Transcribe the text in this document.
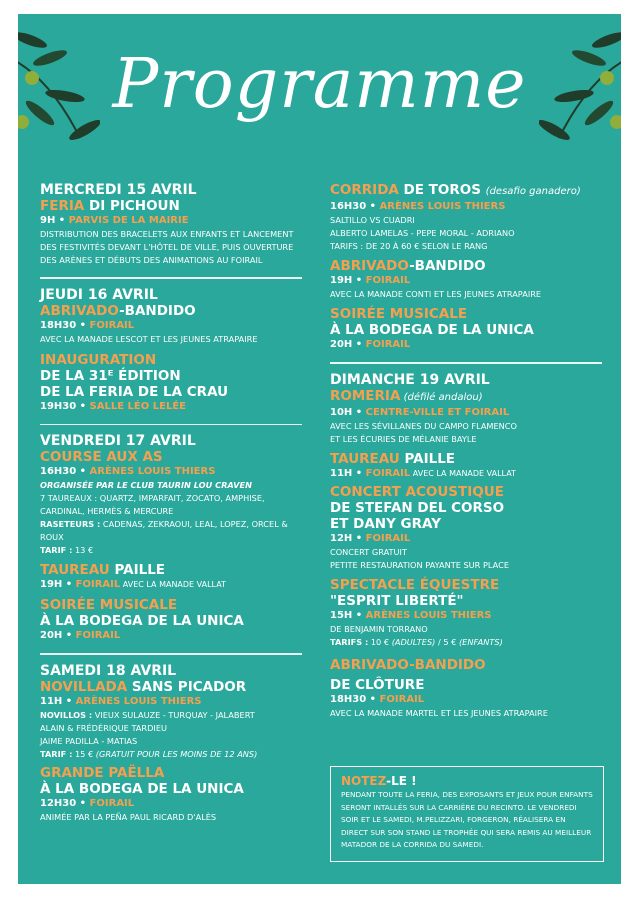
Programme
MERCREDI 15 AVRIL
FERIA DI PICHOUN
9H • PARVIS DE LA MAIRIE
DISTRIBUTION DES BRACELETS AUX ENFANTS ET LANCEMENT DES FESTIVITÉS DEVANT L'HÔTEL DE VILLE, PUIS OUVERTURE DES ARÈNES ET DÉBUTS DES ANIMATIONS AU FOIRAIL
JEUDI 16 AVRIL
ABRIVADO-BANDIDO
18H30 • FOIRAIL
AVEC LA MANADE LESCOT ET LES JEUNES ATRAPAIRE
INAUGURATION
DE LA 31ᴱ ÉDITION
DE LA FERIA DE LA CRAU
19H30 • SALLE LÉO LELÉE
VENDREDI 17 AVRIL
COURSE AUX AS
16H30 • ARÈNES LOUIS THIERS
ORGANISÉE PAR LE CLUB TAURIN LOU CRAVEN
7 TAUREAUX : QUARTZ, IMPARFAIT, ZOCATO, AMPHISE, CARDINAL, HERMÈS & MERCURE
RASETEURS : CADENAS, ZEKRAOUI, LEAL, LOPEZ, ORCEL & ROUX
TARIF : 13 €
TAUREAU PAILLE
19H • FOIRAIL AVEC LA MANADE VALLAT
SOIRÉE MUSICALE
À LA BODEGA DE LA UNICA
20H • FOIRAIL
SAMEDI 18 AVRIL
NOVILLADA SANS PICADOR
11H • ARÈNES LOUIS THIERS
NOVILLOS : VIEUX SULAUZE - TURQUAY - JALABERT
ALAIN & FRÉDÉRIQUE TARDIEU
JAIME PADILLA - MATIAS
TARIF : 15 € (GRATUIT POUR LES MOINS DE 12 ANS)
GRANDE PAËLLA
À LA BODEGA DE LA UNICA
12H30 • FOIRAIL
ANIMÉE PAR LA PEÑA PAUL RICARD D'ALÈS
CORRIDA DE TOROS (desafio ganadero)
16H30 • ARÈNES LOUIS THIERS
SALTILLO VS CUADRI
ALBERTO LAMELAS - PEPE MORAL - ADRIANO
TARIFS : DE 20 À 60 € SELON LE RANG
ABRIVADO-BANDIDO
19H • FOIRAIL
AVEC LA MANADE CONTI ET LES JEUNES ATRAPAIRE
SOIRÉE MUSICALE
À LA BODEGA DE LA UNICA
20H • FOIRAIL
DIMANCHE 19 AVRIL
ROMERIA (défilé andalou)
10H • CENTRE-VILLE ET FOIRAIL
AVEC LES SÉVILLANES DU CAMPO FLAMENCO
ET LES ÉCURIES DE MÉLANIE BAYLE
TAUREAU PAILLE
11H • FOIRAIL AVEC LA MANADE VALLAT
CONCERT ACOUSTIQUE
DE STEFAN DEL CORSO
ET DANY GRAY
12H • FOIRAIL
CONCERT GRATUIT
PETITE RESTAURATION PAYANTE SUR PLACE
SPECTACLE ÉQUESTRE
"ESPRIT LIBERTÉ"
15H • ARÈNES LOUIS THIERS
DE BENJAMIN TORRANO
TARIFS : 10 € (ADULTES) / 5 € (ENFANTS)
ABRIVADO-BANDIDO
DE CLÔTURE
18H30 • FOIRAIL
AVEC LA MANADE MARTEL ET LES JEUNES ATRAPAIRE
NOTEZ-LE !
PENDANT TOUTE LA FERIA, DES EXPOSANTS ET JEUX POUR ENFANTS SERONT INTALLÉS SUR LA CARRIÈRE DU RECINTO. LE VENDREDI SOIR ET LE SAMEDI, M.PELIZZARI, FORGERON, RÉALISERA EN DIRECT SUR SON STAND LE TROPHÉE QUI SERA REMIS AU MEILLEUR MATADOR DE LA CORRIDA DU SAMEDI.
